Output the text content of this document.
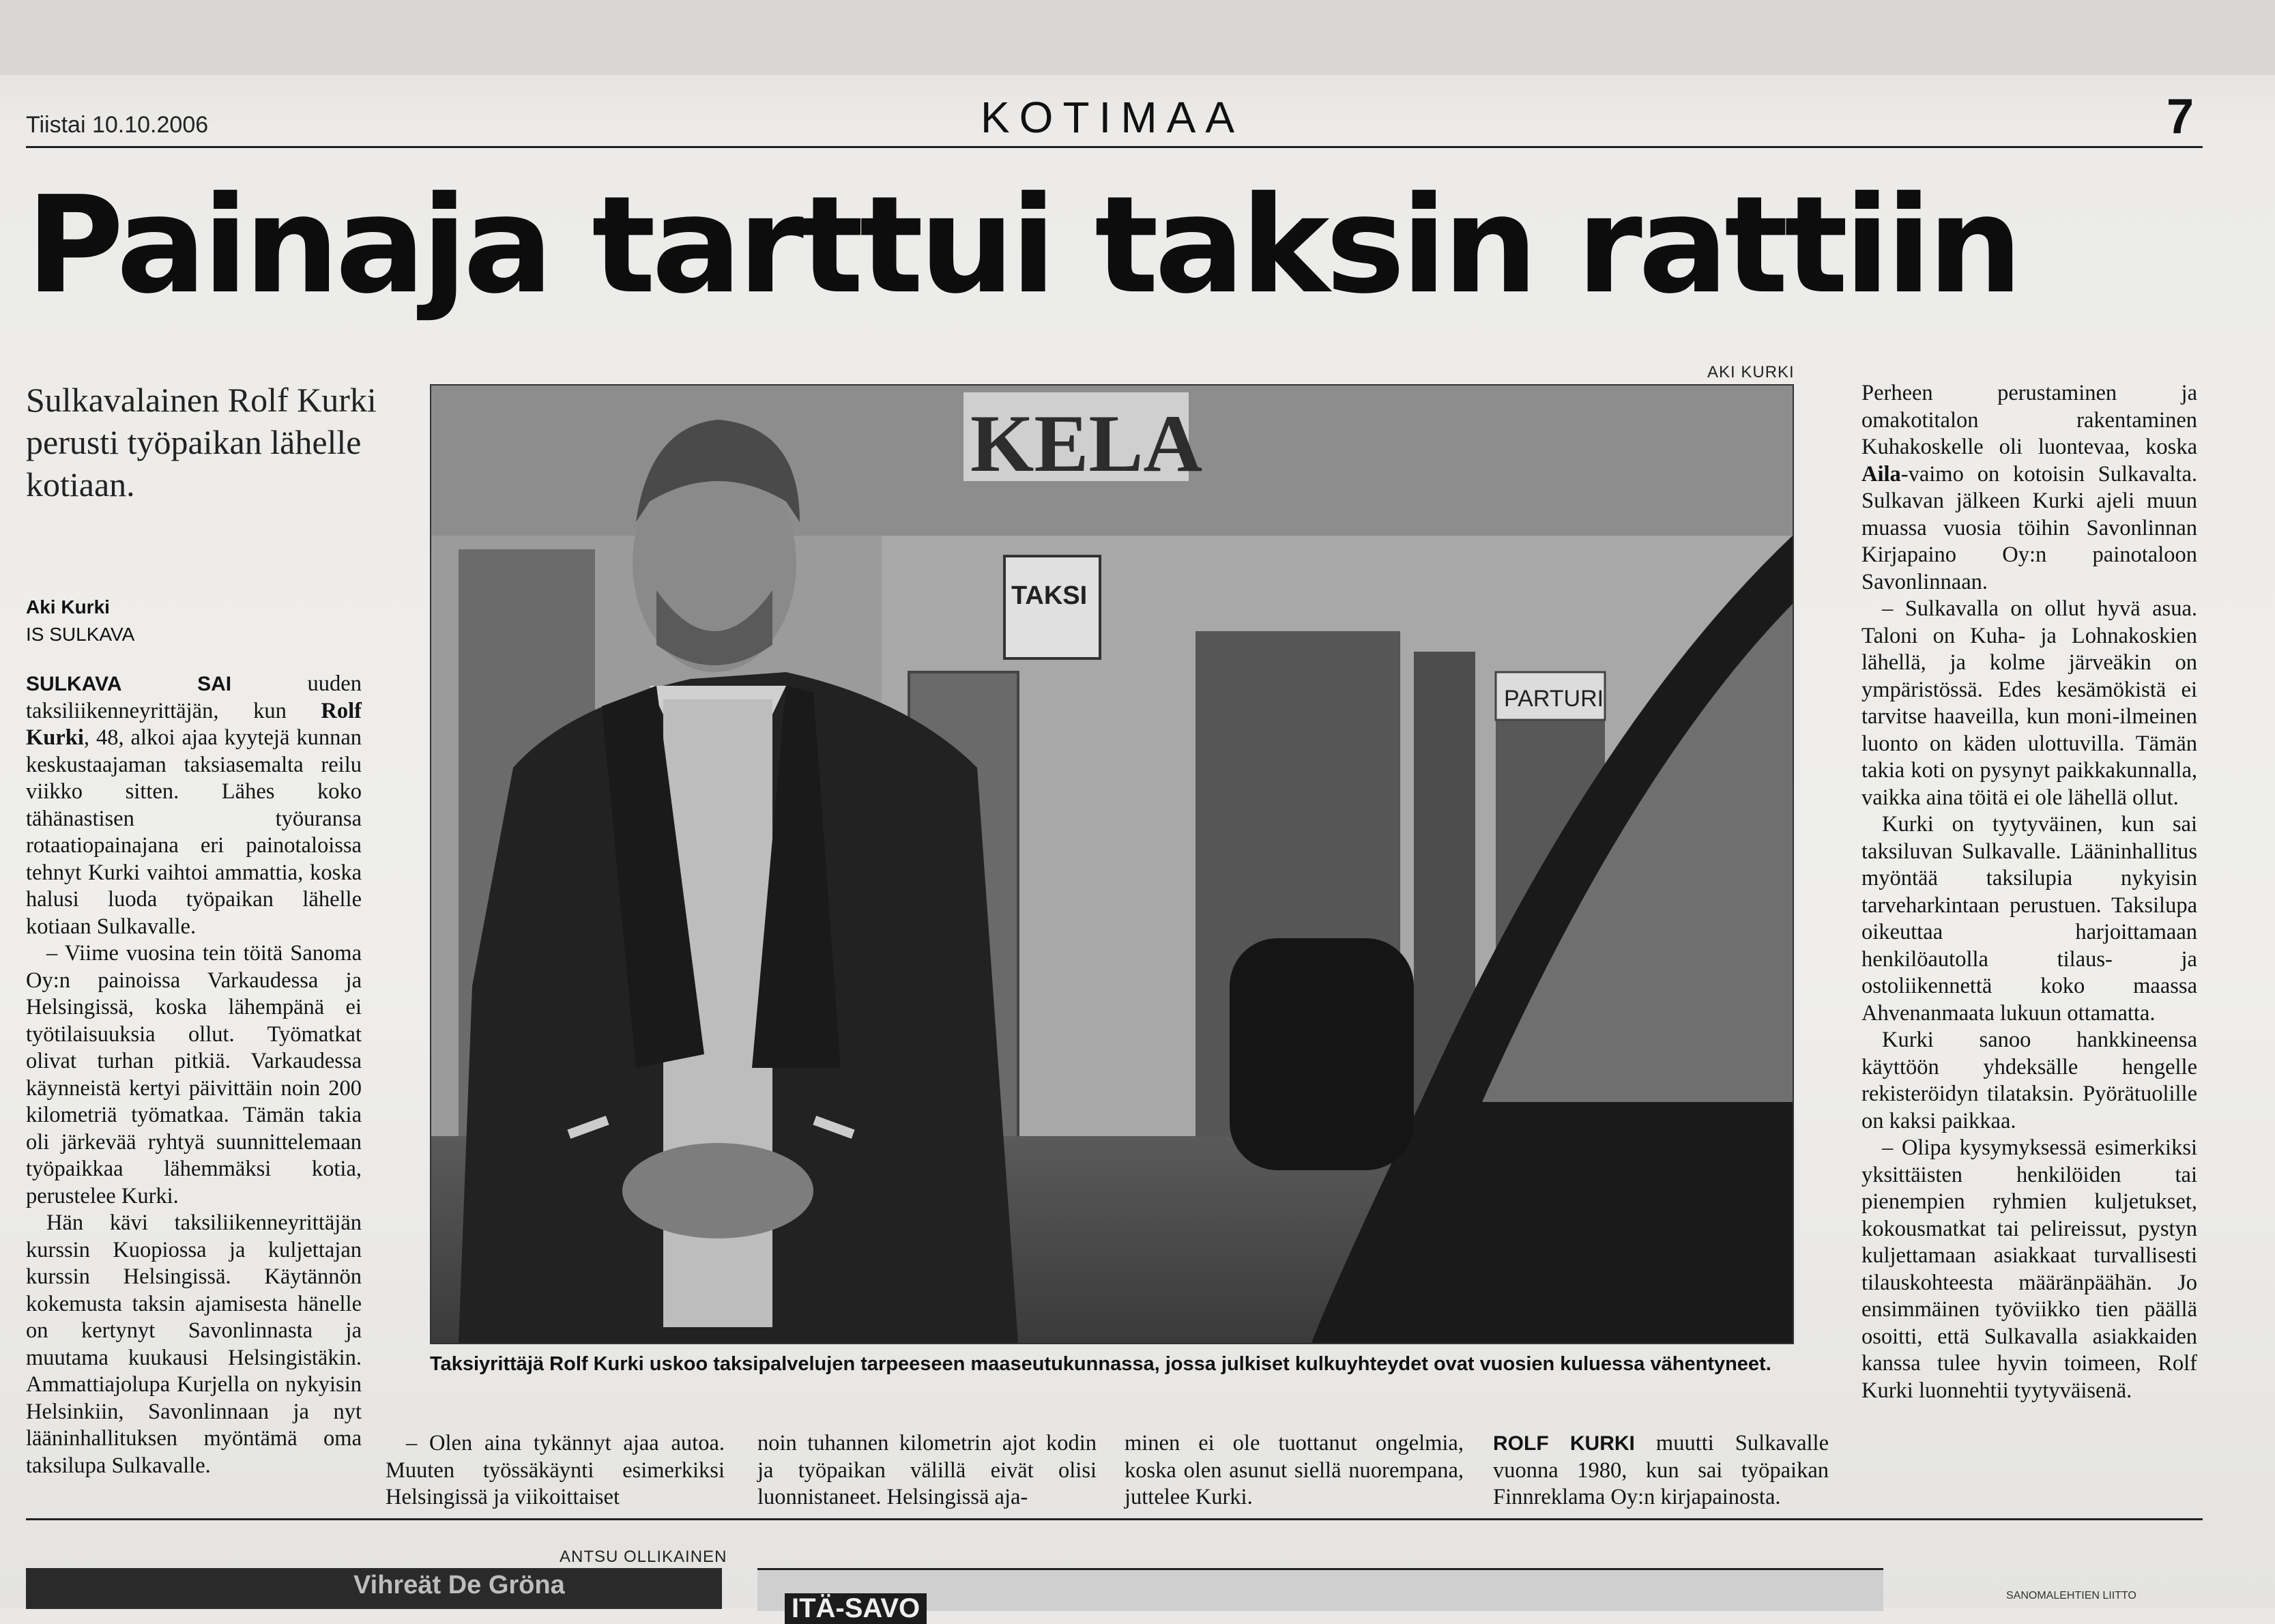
Tiistai 10.10.2006	KOTIMAA	7
Painaja tarttui taksin rattiin
Sulkavalainen Rolf Kurki perusti työpaikan lähelle kotiaan.
Aki Kurki
IS SULKAVA

SULKAVA SAI uuden taksiliikenneyrittäjän, kun Rolf Kurki, 48, alkoi ajaa kyytejä kunnan keskustaajaman taksiasemalta reilu viikko sitten. Lähes koko tähänastisen työuransa rotaatiopainajana eri painotaloissa tehnyt Kurki vaihtoi ammattia, koska halusi luoda työpaikan lähelle kotiaan Sulkavalle.

– Viime vuosina tein töitä Sanoma Oy:n painoissa Varkaudessa ja Helsingissä, koska lähempänä ei työtilaisuuksia ollut. Työmatkat olivat turhan pitkiä. Varkaudessa käynneistä kertyi päivittäin noin 200 kilometriä työmatkaa. Tämän takia oli järkevää ryhtyä suunnittelemaan työpaikkaa lähemmäksi kotia, perustelee Kurki.

Hän kävi taksiliikenneyrittäjän kurssin Kuopiossa ja kuljettajan kurssin Helsingissä. Käytännön kokemusta taksin ajamisesta hänelle on kertynyt Savonlinnasta ja muutama kuukausi Helsingistäkin. Ammattiajolupa Kurjella on nykyisin Helsinkiin, Savonlinnaan ja nyt lääninhallituksen myöntämä oma taksilupa Sulkavalle.

AKI KURKI
KELA
TAKSI
PARTURI
Taksiyrittäjä Rolf Kurki uskoo taksipalvelujen tarpeeseen maaseutukunnassa, jossa julkiset kulkuyhteydet ovat vuosien kuluessa vähentyneet.

– Olen aina tykännyt ajaa autoa. Muuten työssäkäynti esimerkiksi Helsingissä ja viikoittaiset

noin tuhannen kilometrin ajot kodin ja työpaikan välillä eivät olisi luonnistaneet. Helsingissä aja-

minen ei ole tuottanut ongelmia, koska olen asunut siellä nuorempana, juttelee Kurki.

ROLF KURKI muutti Sulkavalle vuonna 1980, kun sai työpaikan Finnreklama Oy:n kirjapainosta.

Perheen perustaminen ja omakotitalon rakentaminen Kuhakoskelle oli luontevaa, koska Aila-vaimo on kotoisin Sulkavalta. Sulkavan jälkeen Kurki ajeli muun muassa vuosia töihin Savonlinnan Kirjapaino Oy:n painotaloon Savonlinnaan.

– Sulkavalla on ollut hyvä asua. Taloni on Kuha- ja Lohnakoskien lähellä, ja kolme järveäkin on ympäristössä. Edes kesämökistä ei tarvitse haaveilla, kun moni-ilmeinen luonto on käden ulottuvilla. Tämän takia koti on pysynyt paikkakunnalla, vaikka aina töitä ei ole lähellä ollut.

Kurki on tyytyväinen, kun sai taksiluvan Sulkavalle. Lääninhallitus myöntää taksilupia nykyisin tarveharkintaan perustuen. Taksilupa oikeuttaa harjoittamaan henkilöautolla tilaus- ja ostoliikennettä koko maassa Ahvenanmaata lukuun ottamatta.

Kurki sanoo hankkineensa käyttöön yhdeksälle hengelle rekisteröidyn tilataksin. Pyörätuolille on kaksi paikkaa.

– Olipa kysymyksessä esimerkiksi yksittäisten henkilöiden tai pienempien ryhmien kuljetukset, kokousmatkat tai pelireissut, pystyn kuljettamaan asiakkaat turvallisesti tilauskohteesta määränpäähän. Jo ensimmäinen työviikko tien päällä osoitti, että Sulkavalla asiakkaiden kanssa tulee hyvin toimeen, Rolf Kurki luonnehtii tyytyväisenä.

ANTSU OLLIKAINEN
Vihreät De Gröna
ITÄ-SAVO	SANOMALEHTIEN LIITTO
